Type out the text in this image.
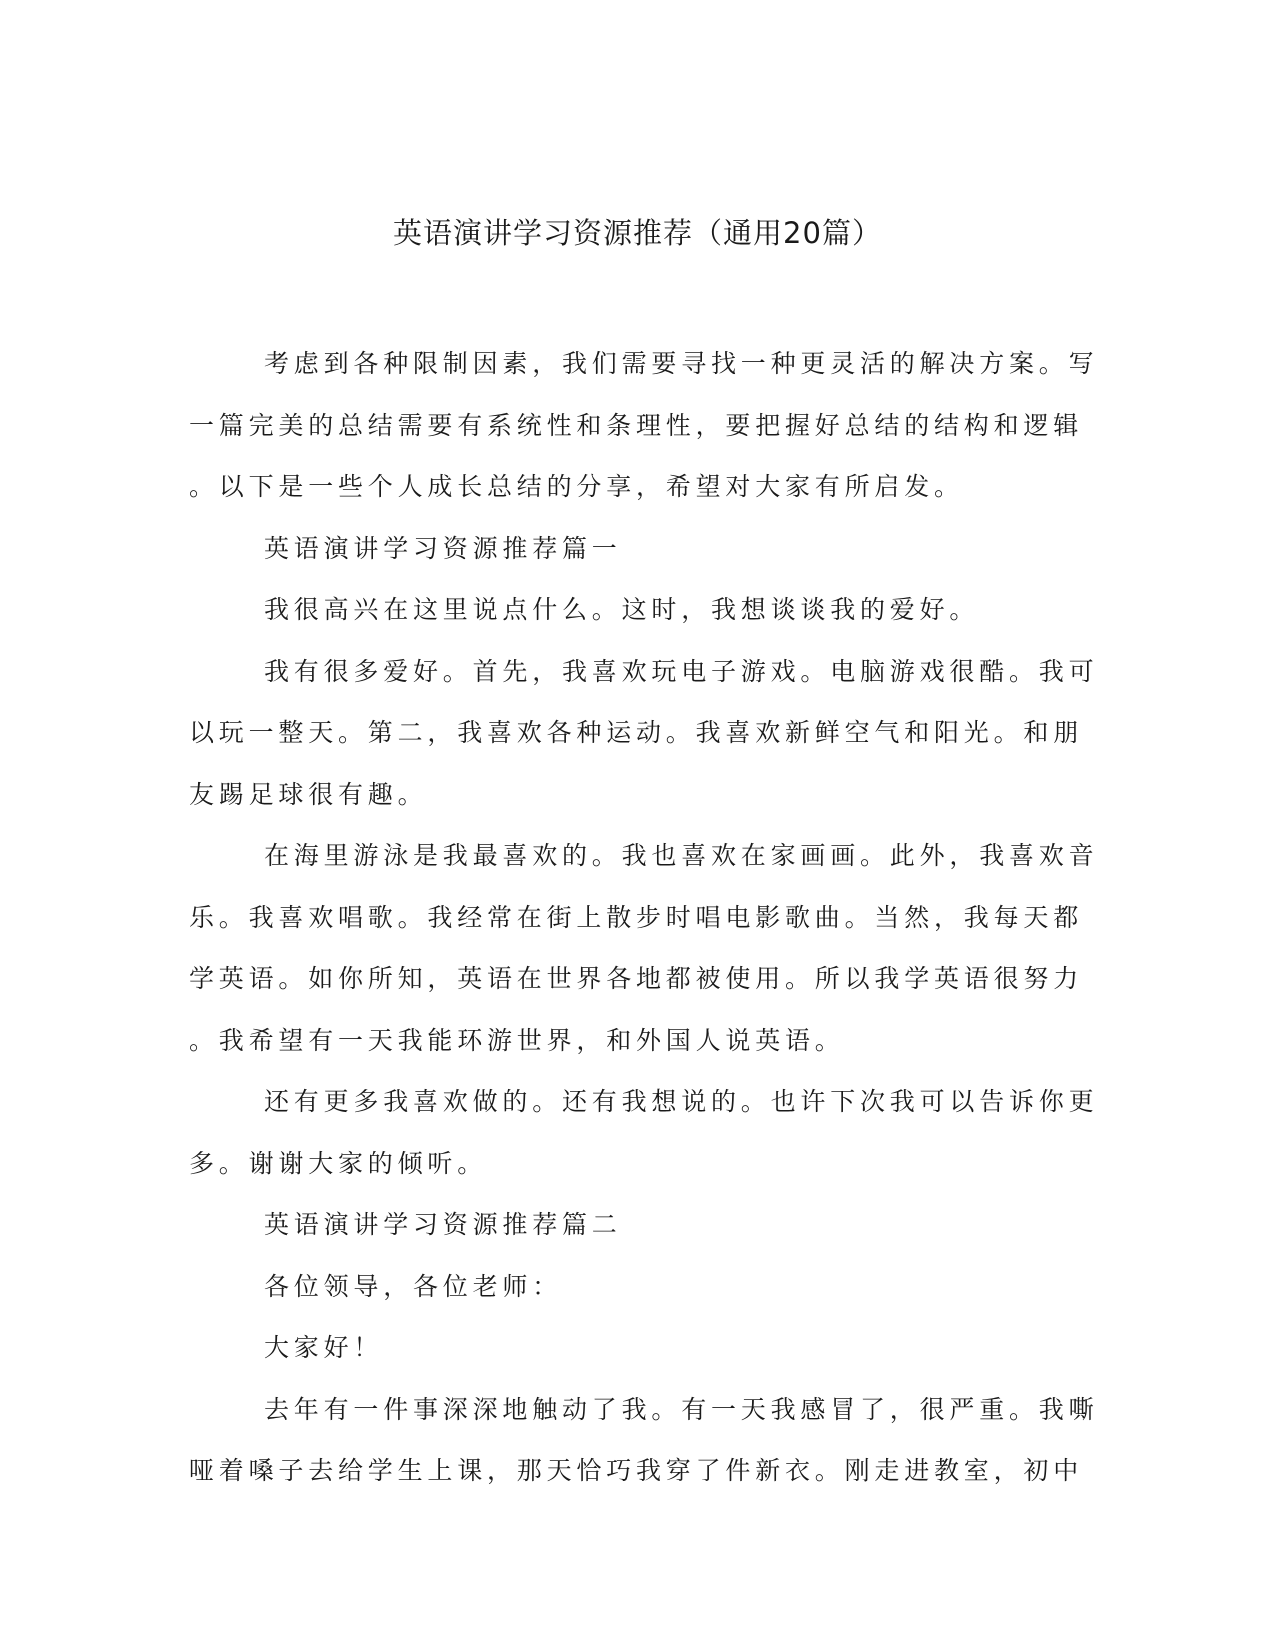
英语演讲学习资源推荐（通用20篇）

考虑到各种限制因素，我们需要寻找一种更灵活的解决方案。写
一篇完美的总结需要有系统性和条理性，要把握好总结的结构和逻辑
。以下是一些个人成长总结的分享，希望对大家有所启发。

英语演讲学习资源推荐篇一

我很高兴在这里说点什么。这时，我想谈谈我的爱好。

我有很多爱好。首先，我喜欢玩电子游戏。电脑游戏很酷。我可
以玩一整天。第二，我喜欢各种运动。我喜欢新鲜空气和阳光。和朋
友踢足球很有趣。

在海里游泳是我最喜欢的。我也喜欢在家画画。此外，我喜欢音
乐。我喜欢唱歌。我经常在街上散步时唱电影歌曲。当然，我每天都
学英语。如你所知，英语在世界各地都被使用。所以我学英语很努力
。我希望有一天我能环游世界，和外国人说英语。

还有更多我喜欢做的。还有我想说的。也许下次我可以告诉你更
多。谢谢大家的倾听。

英语演讲学习资源推荐篇二

各位领导，各位老师：

大家好！

去年有一件事深深地触动了我。有一天我感冒了，很严重。我嘶
哑着嗓子去给学生上课，那天恰巧我穿了件新衣。刚走进教室，初中
